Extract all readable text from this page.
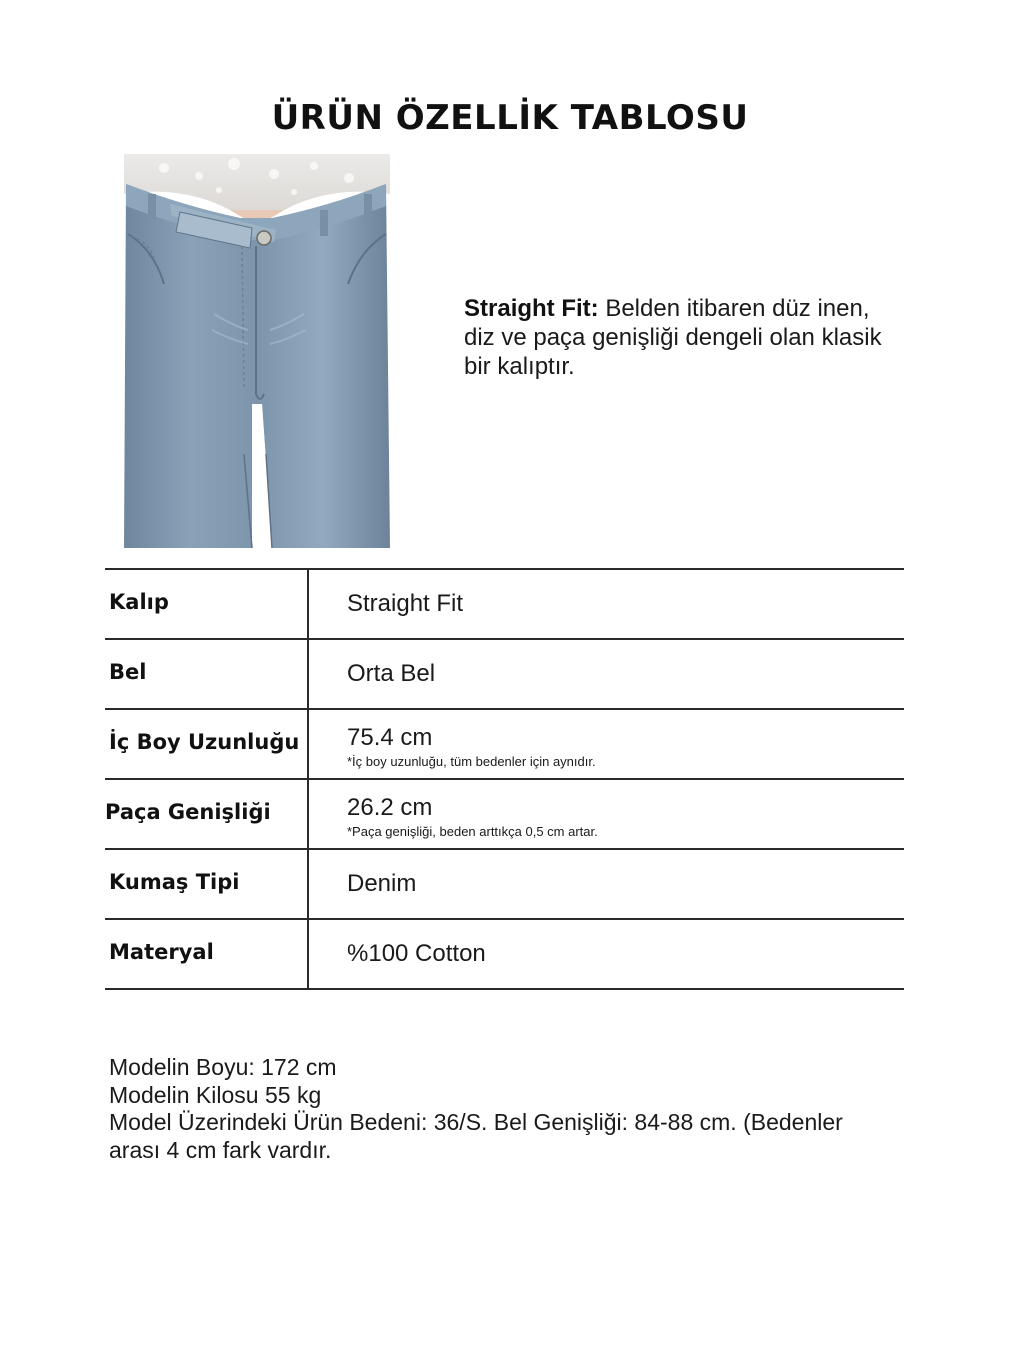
ÜRÜN ÖZELLİK TABLOSU
Straight Fit: Belden itibaren düz inen, diz ve paça genişliği dengeli olan klasik bir kalıptır.
Kalıp	Straight Fit
Bel	Orta Bel
İç Boy Uzunluğu 75.4 cm
*İç boy uzunluğu, tüm bedenler için aynıdır.
Paça Genişliği	26.2 cm
*Paça genişliği, beden arttıkça 0,5 cm artar.
Kumaş Tipi	Denim
Materyal	%100 Cotton
Modelin Boyu: 172 cm
Modelin Kilosu 55 kg
Model Üzerindeki Ürün Bedeni: 36/S. Bel Genişliği: 84-88 cm. (Bedenler arası 4 cm fark vardır.
